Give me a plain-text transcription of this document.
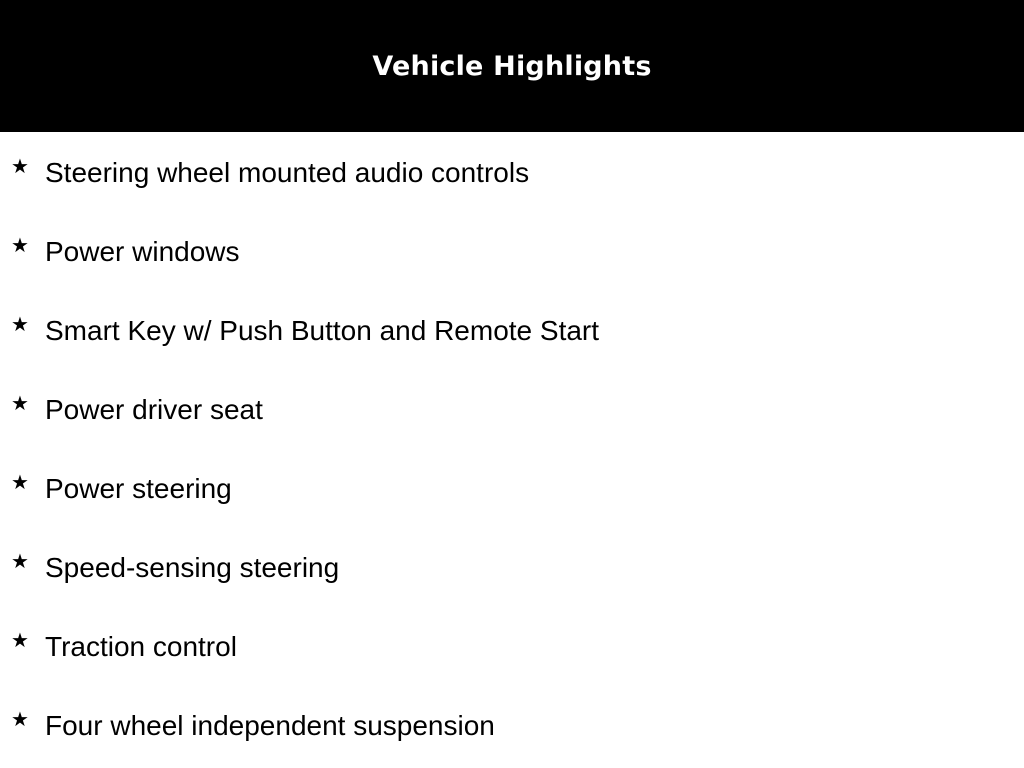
Vehicle Highlights
★ Steering wheel mounted audio controls
★ Power windows
★ Smart Key w/ Push Button and Remote Start
★ Power driver seat
★ Power steering
★ Speed-sensing steering
★ Traction control
★ Four wheel independent suspension
